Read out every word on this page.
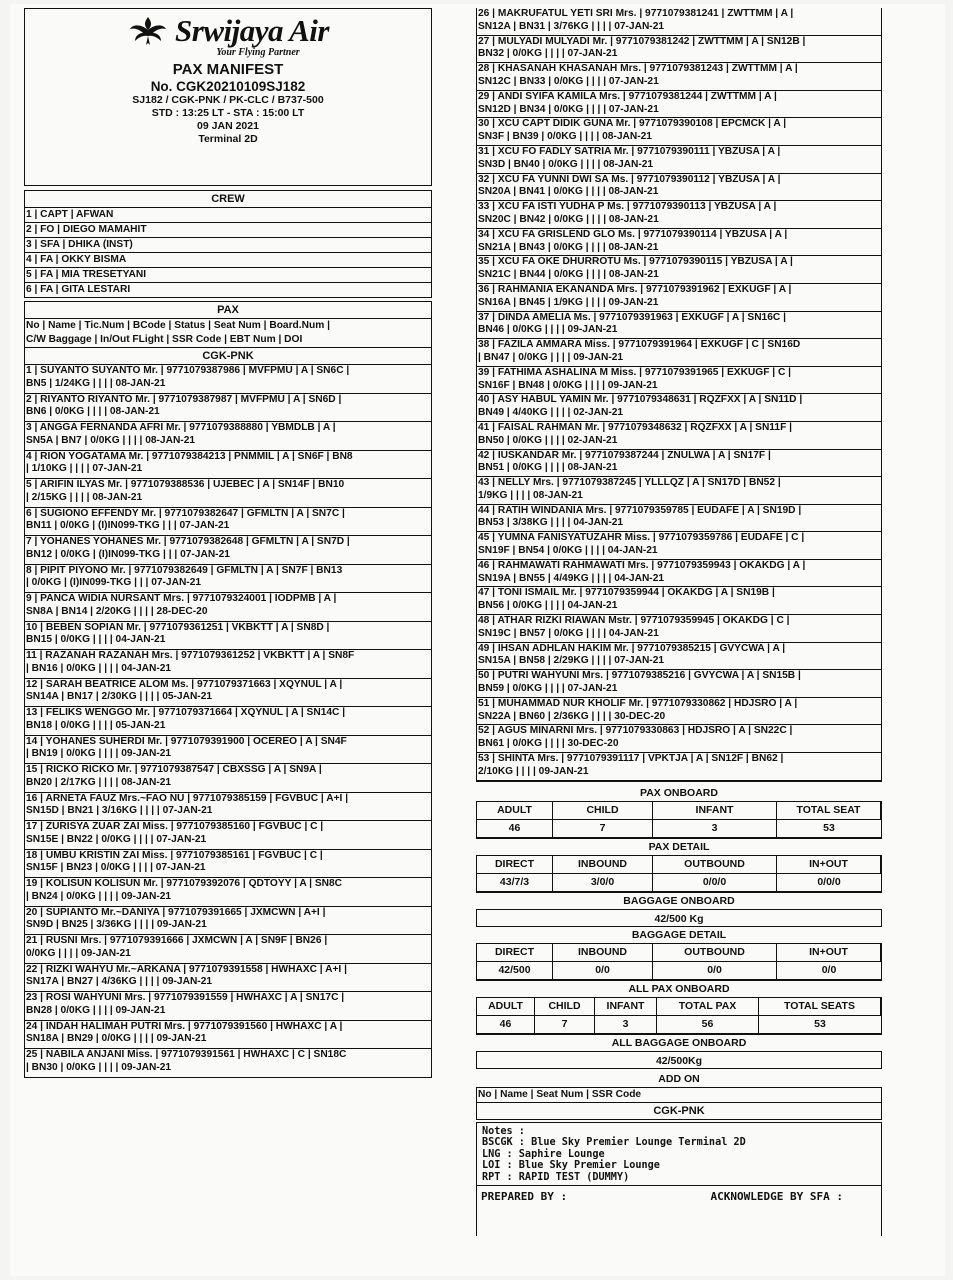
Srwijaya Air
Your Flying Partner
PAX MANIFEST
No. CGK20210109SJ182
SJ182 / CGK-PNK / PK-CLC / B737-500
STD : 13:25 LT - STA : 15:00 LT
09 JAN 2021
Terminal 2D
CREW
1 | CAPT | AFWAN
2 | FO | DIEGO MAMAHIT
3 | SFA | DHIKA (INST)
4 | FA | OKKY BISMA
5 | FA | MIA TRESETYANI
6 | FA | GITA LESTARI
PAX
No | Name | Tic.Num | BCode | Status | Seat Num | Board.Num |
C/W Baggage | In/Out FLight | SSR Code | EBT Num | DOI
CGK-PNK
1 | SUYANTO SUYANTO Mr. | 9771079387986 | MVFPMU | A | SN6C |
BN5 | 1/24KG | | | | 08-JAN-21
2 | RIYANTO RIYANTO Mr. | 9771079387987 | MVFPMU | A | SN6D |
BN6 | 0/0KG | | | | 08-JAN-21
3 | ANGGA FERNANDA AFRI Mr. | 9771079388880 | YBMDLB | A |
SN5A | BN7 | 0/0KG | | | | 08-JAN-21
4 | RION YOGATAMA Mr. | 9771079384213 | PNMMIL | A | SN6F | BN8
| 1/10KG | | | | 07-JAN-21
5 | ARIFIN ILYAS Mr. | 9771079388536 | UJEBEC | A | SN14F | BN10
| 2/15KG | | | | 08-JAN-21
6 | SUGIONO EFFENDY Mr. | 9771079382647 | GFMLTN | A | SN7C |
BN11 | 0/0KG | (I)IN099-TKG | | | 07-JAN-21
7 | YOHANES YOHANES Mr. | 9771079382648 | GFMLTN | A | SN7D |
BN12 | 0/0KG | (I)IN099-TKG | | | 07-JAN-21
8 | PIPIT PIYONO Mr. | 9771079382649 | GFMLTN | A | SN7F | BN13
| 0/0KG | (I)IN099-TKG | | | 07-JAN-21
9 | PANCA WIDIA NURSANT Mrs. | 9771079324001 | IODPMB | A |
SN8A | BN14 | 2/20KG | | | | 28-DEC-20
10 | BEBEN SOPIAN Mr. | 9771079361251 | VKBKTT | A | SN8D |
BN15 | 0/0KG | | | | 04-JAN-21
11 | RAZANAH RAZANAH Mrs. | 9771079361252 | VKBKTT | A | SN8F
| BN16 | 0/0KG | | | | 04-JAN-21
12 | SARAH BEATRICE ALOM Ms. | 9771079371663 | XQYNUL | A |
SN14A | BN17 | 2/30KG | | | | 05-JAN-21
13 | FELIKS WENGGO Mr. | 9771079371664 | XQYNUL | A | SN14C |
BN18 | 0/0KG | | | | 05-JAN-21
14 | YOHANES SUHERDI Mr. | 9771079391900 | OCEREO | A | SN4F
| BN19 | 0/0KG | | | | 09-JAN-21
15 | RICKO RICKO Mr. | 9771079387547 | CBXSSG | A | SN9A |
BN20 | 2/17KG | | | | 08-JAN-21
16 | ARNETA FAUZ Mrs.~FAO NU | 9771079385159 | FGVBUC | A+I |
SN15D | BN21 | 3/16KG | | | | 07-JAN-21
17 | ZURISYA ZUAR ZAI Miss. | 9771079385160 | FGVBUC | C |
SN15E | BN22 | 0/0KG | | | | 07-JAN-21
18 | UMBU KRISTIN ZAI Miss. | 9771079385161 | FGVBUC | C |
SN15F | BN23 | 0/0KG | | | | 07-JAN-21
19 | KOLISUN KOLISUN Mr. | 9771079392076 | QDTOYY | A | SN8C
| BN24 | 0/0KG | | | | 09-JAN-21
20 | SUPIANTO Mr.~DANIYA | 9771079391665 | JXMCWN | A+I |
SN9D | BN25 | 3/36KG | | | | 09-JAN-21
21 | RUSNI Mrs. | 9771079391666 | JXMCWN | A | SN9F | BN26 |
0/0KG | | | | 09-JAN-21
22 | RIZKI WAHYU Mr.~ARKANA | 9771079391558 | HWHAXC | A+I |
SN17A | BN27 | 4/36KG | | | | 09-JAN-21
23 | ROSI WAHYUNI Mrs. | 9771079391559 | HWHAXC | A | SN17C |
BN28 | 0/0KG | | | | 09-JAN-21
24 | INDAH HALIMAH PUTRI Mrs. | 9771079391560 | HWHAXC | A |
SN18A | BN29 | 0/0KG | | | | 09-JAN-21
25 | NABILA ANJANI Miss. | 9771079391561 | HWHAXC | C | SN18C
| BN30 | 0/0KG | | | | 09-JAN-21
26 | MAKRUFATUL YETI SRI Mrs. | 9771079381241 | ZWTTMM | A |
SN12A | BN31 | 3/76KG | | | | 07-JAN-21
27 | MULYADI MULYADI Mr. | 9771079381242 | ZWTTMM | A | SN12B |
BN32 | 0/0KG | | | | 07-JAN-21
28 | KHASANAH KHASANAH Mrs. | 9771079381243 | ZWTTMM | A |
SN12C | BN33 | 0/0KG | | | | 07-JAN-21
29 | ANDI SYIFA KAMILA Mrs. | 9771079381244 | ZWTTMM | A |
SN12D | BN34 | 0/0KG | | | | 07-JAN-21
30 | XCU CAPT DIDIK GUNA Mr. | 9771079390108 | EPCMCK | A |
SN3F | BN39 | 0/0KG | | | | 08-JAN-21
31 | XCU FO FADLY SATRIA Mr. | 9771079390111 | YBZUSA | A |
SN3D | BN40 | 0/0KG | | | | 08-JAN-21
32 | XCU FA YUNNI DWI SA Ms. | 9771079390112 | YBZUSA | A |
SN20A | BN41 | 0/0KG | | | | 08-JAN-21
33 | XCU FA ISTI YUDHA P Ms. | 9771079390113 | YBZUSA | A |
SN20C | BN42 | 0/0KG | | | | 08-JAN-21
34 | XCU FA GRISLEND GLO Ms. | 9771079390114 | YBZUSA | A |
SN21A | BN43 | 0/0KG | | | | 08-JAN-21
35 | XCU FA OKE DHURROTU Ms. | 9771079390115 | YBZUSA | A |
SN21C | BN44 | 0/0KG | | | | 08-JAN-21
36 | RAHMANIA EKANANDA Mrs. | 9771079391962 | EXKUGF | A |
SN16A | BN45 | 1/9KG | | | | 09-JAN-21
37 | DINDA AMELIA Ms. | 9771079391963 | EXKUGF | A | SN16C |
BN46 | 0/0KG | | | | 09-JAN-21
38 | FAZILA AMMARA Miss. | 9771079391964 | EXKUGF | C | SN16D
| BN47 | 0/0KG | | | | 09-JAN-21
39 | FATHIMA ASHALINA M Miss. | 9771079391965 | EXKUGF | C |
SN16F | BN48 | 0/0KG | | | | 09-JAN-21
40 | ASY HABUL YAMIN Mr. | 9771079348631 | RQZFXX | A | SN11D |
BN49 | 4/40KG | | | | 02-JAN-21
41 | FAISAL RAHMAN Mr. | 9771079348632 | RQZFXX | A | SN11F |
BN50 | 0/0KG | | | | 02-JAN-21
42 | IUSKANDAR Mr. | 9771079387244 | ZNULWA | A | SN17F |
BN51 | 0/0KG | | | | 08-JAN-21
43 | NELLY Mrs. | 9771079387245 | YLLLQZ | A | SN17D | BN52 |
1/9KG | | | | 08-JAN-21
44 | RATIH WINDANIA Mrs. | 9771079359785 | EUDAFE | A | SN19D |
BN53 | 3/38KG | | | | 04-JAN-21
45 | YUMNA FANISYATUZAHR Miss. | 9771079359786 | EUDAFE | C |
SN19F | BN54 | 0/0KG | | | | 04-JAN-21
46 | RAHMAWATI RAHMAWATI Mrs. | 9771079359943 | OKAKDG | A |
SN19A | BN55 | 4/49KG | | | | 04-JAN-21
47 | TONI ISMAIL Mr. | 9771079359944 | OKAKDG | A | SN19B |
BN56 | 0/0KG | | | | 04-JAN-21
48 | ATHAR RIZKI RIAWAN Mstr. | 9771079359945 | OKAKDG | C |
SN19C | BN57 | 0/0KG | | | | 04-JAN-21
49 | IHSAN ADHLAN HAKIM Mr. | 9771079385215 | GVYCWA | A |
SN15A | BN58 | 2/29KG | | | | 07-JAN-21
50 | PUTRI WAHYUNI Mrs. | 9771079385216 | GVYCWA | A | SN15B |
BN59 | 0/0KG | | | | 07-JAN-21
51 | MUHAMMAD NUR KHOLIF Mr. | 9771079330862 | HDJSRO | A |
SN22A | BN60 | 2/36KG | | | | 30-DEC-20
52 | AGUS MINARNI Mrs. | 9771079330863 | HDJSRO | A | SN22C |
BN61 | 0/0KG | | | | 30-DEC-20
53 | SHINTA Mrs. | 9771079391117 | VPKTJA | A | SN12F | BN62 |
2/10KG | | | | 09-JAN-21
PAX ONBOARD
ADULT	CHILD	INFANT	TOTAL SEAT
46	7	3	53
PAX DETAIL
DIRECT	INBOUND	OUTBOUND	IN+OUT
43/7/3	3/0/0	0/0/0	0/0/0
BAGGAGE ONBOARD
42/500 Kg
BAGGAGE DETAIL
DIRECT	INBOUND	OUTBOUND	IN+OUT
42/500	0/0	0/0	0/0
ALL PAX ONBOARD
ADULT	CHILD	INFANT	TOTAL PAX	TOTAL SEATS
46	7	3	56	53
ALL BAGGAGE ONBOARD
42/500Kg
ADD ON
No | Name | Seat Num | SSR Code
CGK-PNK
Notes :
BSCGK : Blue Sky Premier Lounge Terminal 2D
LNG : Saphire Lounge
LOI : Blue Sky Premier Lounge
RPT : RAPID TEST (DUMMY)
PREPARED BY :	ACKNOWLEDGE BY SFA :
